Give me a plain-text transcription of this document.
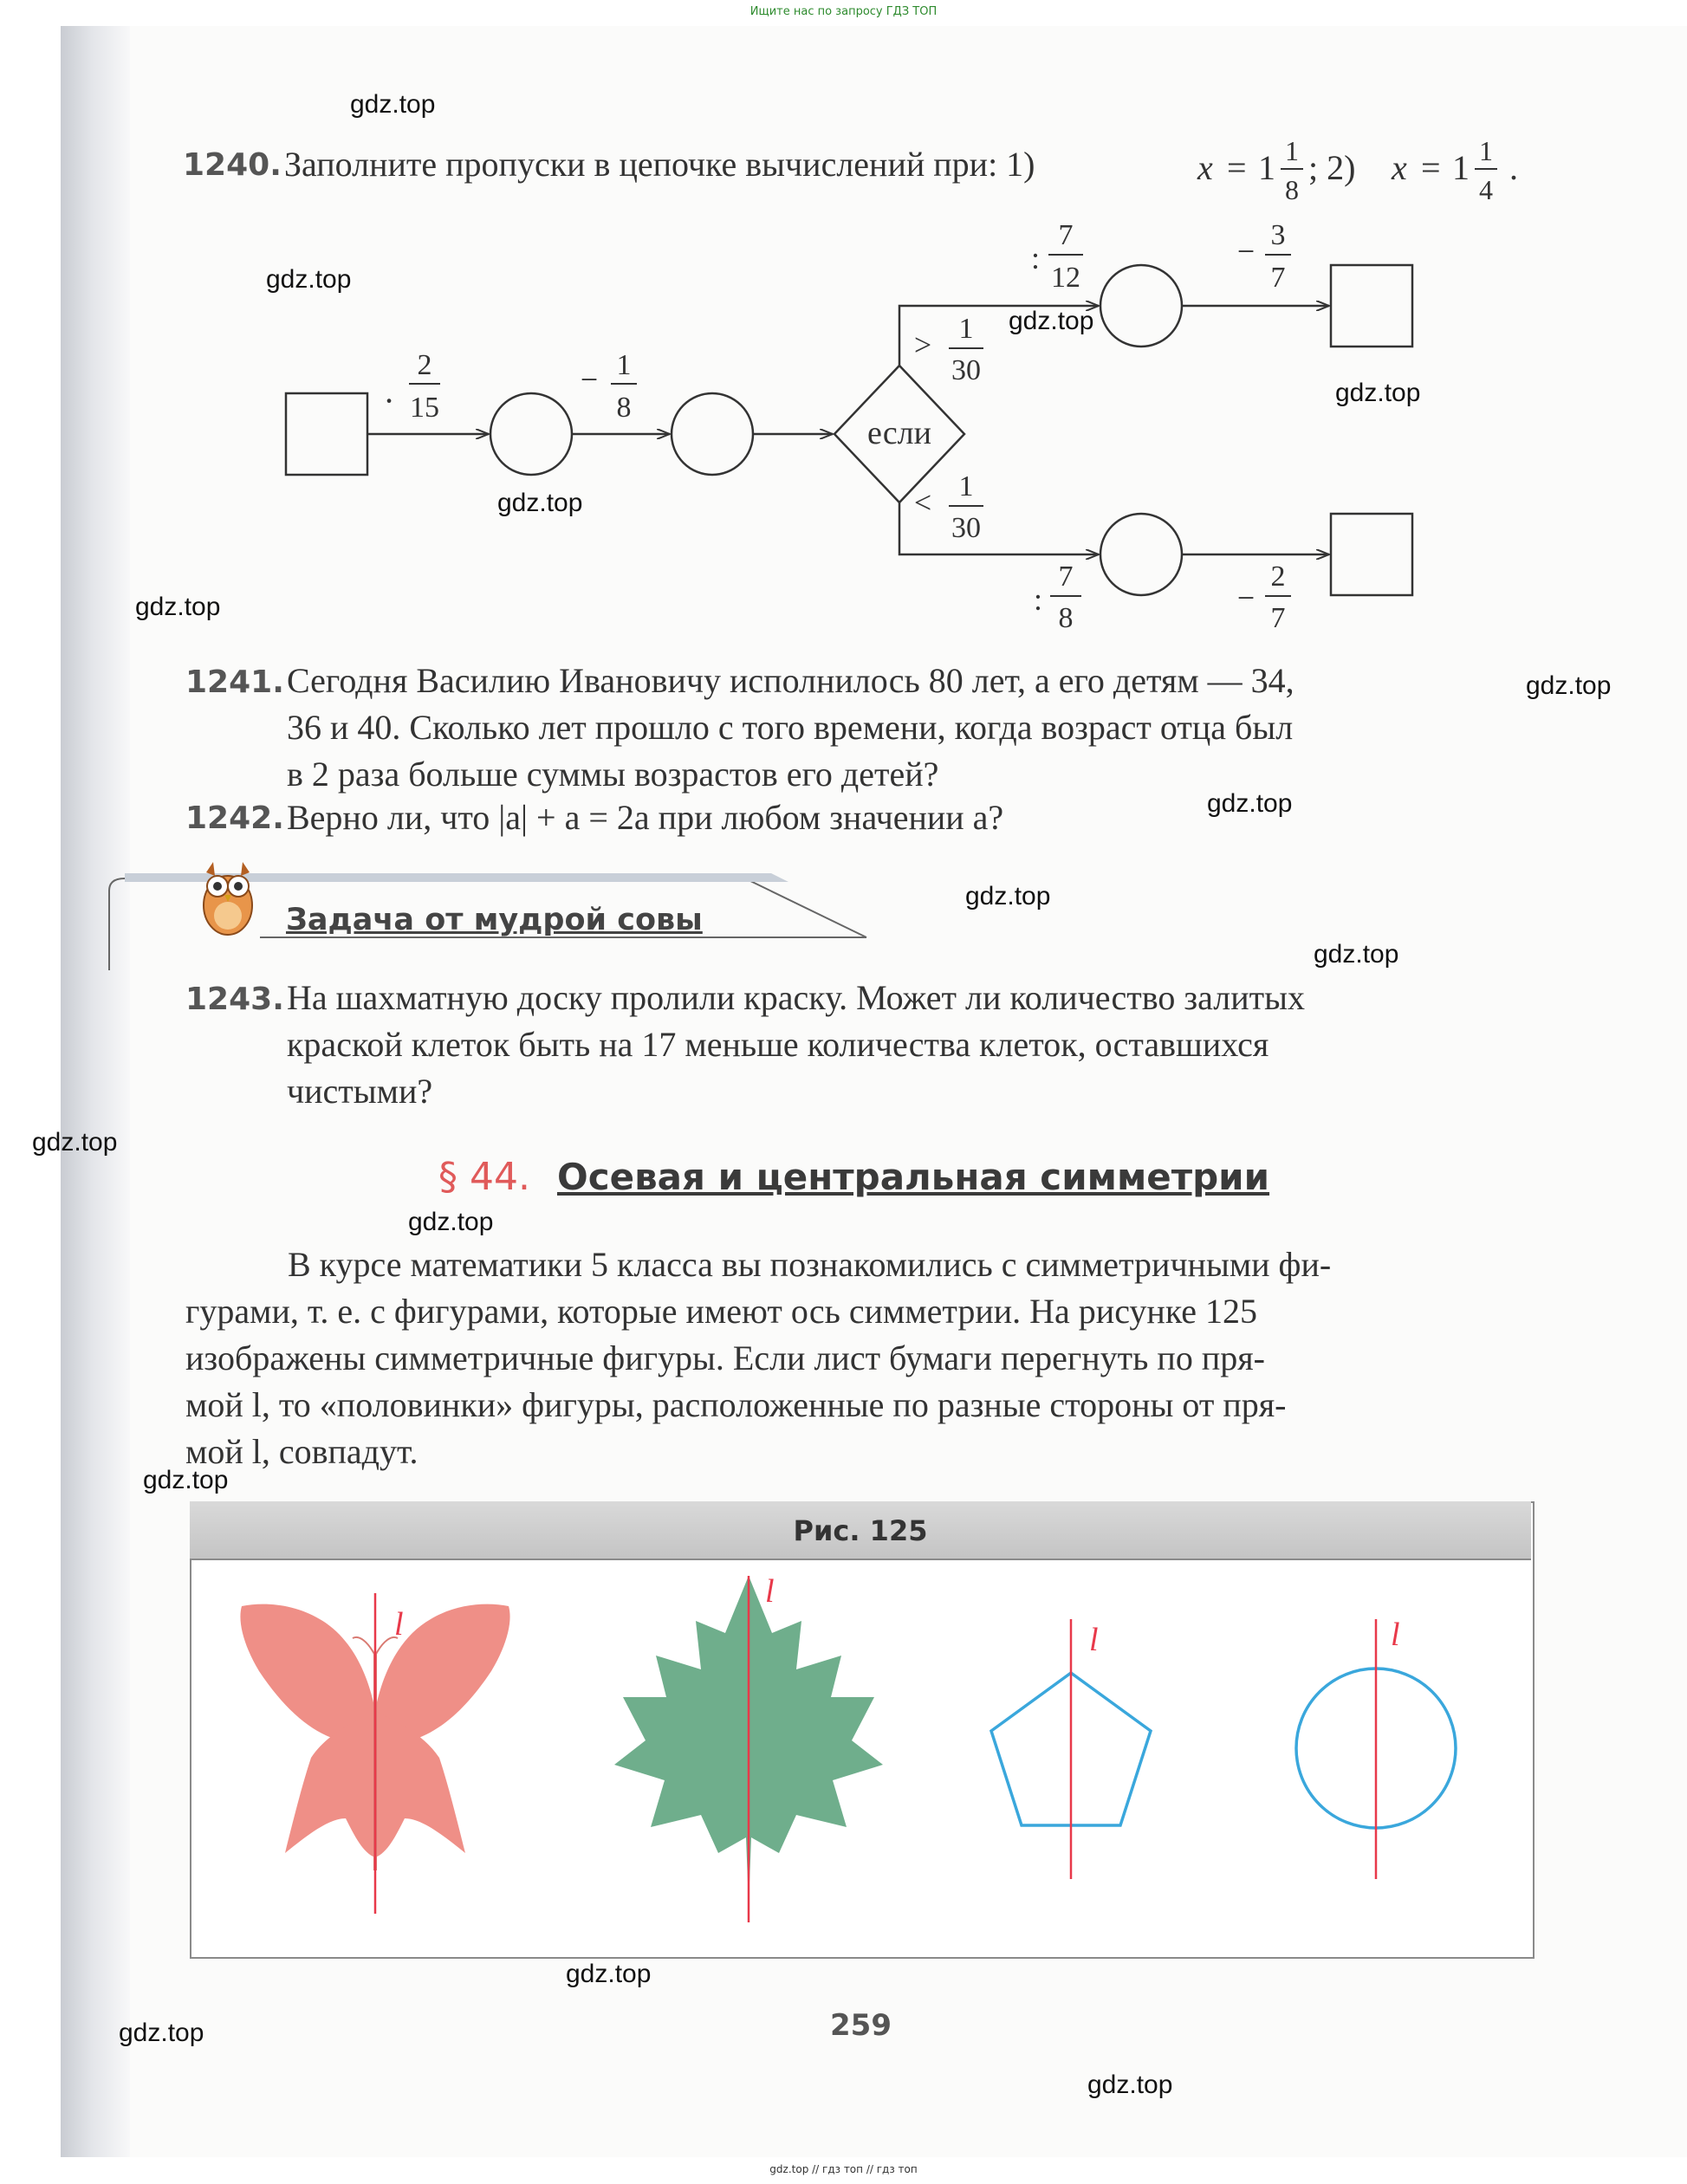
Ищите нас по запросу ГДЗ ТОП
gdz.top
gdz.top
gdz.top
gdz.top
gdz.top
gdz.top
gdz.top
gdz.top
gdz.top
gdz.top
gdz.top
gdz.top
gdz.top
gdz.top
gdz.top
gdz.top
1240. Заполните пропуски в цепочке вычислений при: 1)	x = 1 1
8
; 2) x = 1 1
4
.
·
2
15
− 1
8
если
> 1
30
< 1
30
:
7
12
− 3
7
:
7
8
−
2
7
1241. Сегодня Василию Ивановичу исполнилось 80 лет, а его детям — 34,
36 и 40. Сколько лет прошло с того времени, когда возраст отца был
в 2 раза больше суммы возрастов его детей?
1242. Верно ли, что |a| + a = 2a при любом значении a?
Задача от мудрой совы
1243. На шахматную доску пролили краску. Может ли количество залитых
краской клеток быть на 17 меньше количества клеток, оставшихся
чистыми?
§ 44. Осевая и центральная симметрии
В курсе математики 5 класса вы познакомились с симметричными фи-
гурами, т. е. с фигурами, которые имеют ось симметрии. На рисунке 125
изображены симметричные фигуры. Если лист бумаги перегнуть по пря-
мой l, то «половинки» фигуры, расположенные по разные стороны от пря-
мой l, совпадут.
Рис. 125
l
l
l	l
259
gdz.top // гдз топ // гдз топ
